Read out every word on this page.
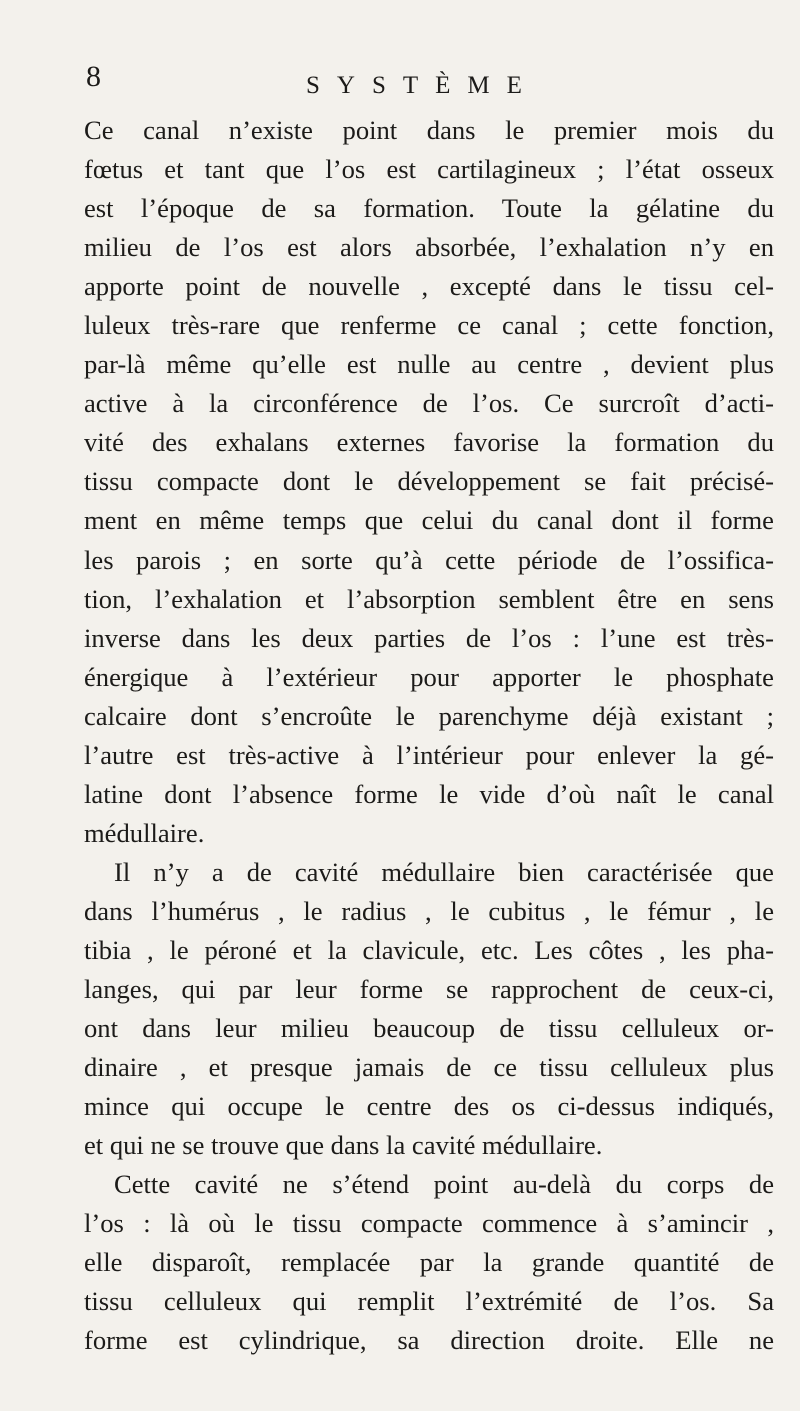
8	SYSTÈME
Ce canal n’existe point dans le premier mois du
fœtus et tant que l’os est cartilagineux ; l’état osseux
est l’époque de sa formation. Toute la gélatine du
milieu de l’os est alors absorbée, l’exhalation n’y en
apporte point de nouvelle , excepté dans le tissu cel-
luleux très-rare que renferme ce canal ; cette fonction,
par-là même qu’elle est nulle au centre , devient plus
active à la circonférence de l’os. Ce surcroît d’acti-
vité des exhalans externes favorise la formation du
tissu compacte dont le développement se fait précisé-
ment en même temps que celui du canal dont il forme
les parois ; en sorte qu’à cette période de l’ossifica-
tion, l’exhalation et l’absorption semblent être en sens
inverse dans les deux parties de l’os : l’une est très-
énergique à l’extérieur pour apporter le phosphate
calcaire dont s’encroûte le parenchyme déjà existant ;
l’autre est très-active à l’intérieur pour enlever la gé-
latine dont l’absence forme le vide d’où naît le canal
médullaire.
Il n’y a de cavité médullaire bien caractérisée que
dans l’humérus , le radius , le cubitus , le fémur , le
tibia , le péroné et la clavicule, etc. Les côtes , les pha-
langes, qui par leur forme se rapprochent de ceux-ci,
ont dans leur milieu beaucoup de tissu celluleux or-
dinaire , et presque jamais de ce tissu celluleux plus
mince qui occupe le centre des os ci-dessus indiqués,
et qui ne se trouve que dans la cavité médullaire.
Cette cavité ne s’étend point au-delà du corps de
l’os : là où le tissu compacte commence à s’amincir ,
elle disparoît, remplacée par la grande quantité de
tissu celluleux qui remplit l’extrémité de l’os. Sa
forme est cylindrique, sa direction droite. Elle ne
